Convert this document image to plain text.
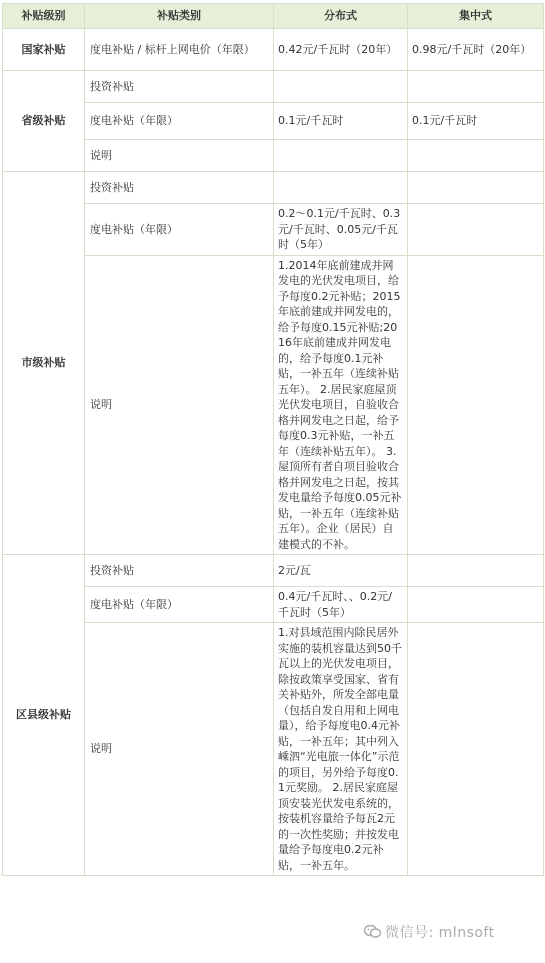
补贴级别	补贴类别	分布式	集中式
国家补贴	度电补贴 / 标杆上网电价（年限）	0.42元/千瓦时（20年）	0.98元/千瓦时（20年）
省级补贴	投资补贴		
	度电补贴（年限）	0.1元/千瓦时	0.1元/千瓦时
	说明		
市级补贴	投资补贴		
	度电补贴（年限）	0.2～0.1元/千瓦时、0.3元/千瓦时、0.05元/千瓦时（5年）	
	说明	1.2014年底前建成并网发电的光伏发电项目，给予每度0.2元补贴；2015年底前建成并网发电的，给予每度0.15元补贴;2016年底前建成并网发电的，给予每度0.1元补贴，一补五年（连续补贴五年）。 2.居民家庭屋顶光伏发电项目，自验收合格并网发电之日起，给予每度0.3元补贴，一补五年（连续补贴五年）。 3.屋顶所有者自项目验收合格并网发电之日起，按其发电量给予每度0.05元补贴，一补五年（连续补贴五年）。企业（居民）自建模式的不补。	
区县级补贴	投资补贴	2元/瓦	
	度电补贴（年限）	0.4元/千瓦时、、0.2元/千瓦时（5年）	
	说明	1.对县域范围内除民居外实施的装机容量达到50千瓦以上的光伏发电项目，除按政策享受国家、省有关补贴外，所发全部电量（包括自发自用和上网电量），给予每度电0.4元补贴，一补五年；其中列入嵊泗“光电旅一体化”示范的项目，另外给予每度0.1元奖励。 2.居民家庭屋顶安装光伏发电系统的，按装机容量给予每瓦2元的一次性奖励；并按发电量给予每度电0.2元补贴，一补五年。	
微信号: mlnsoft
